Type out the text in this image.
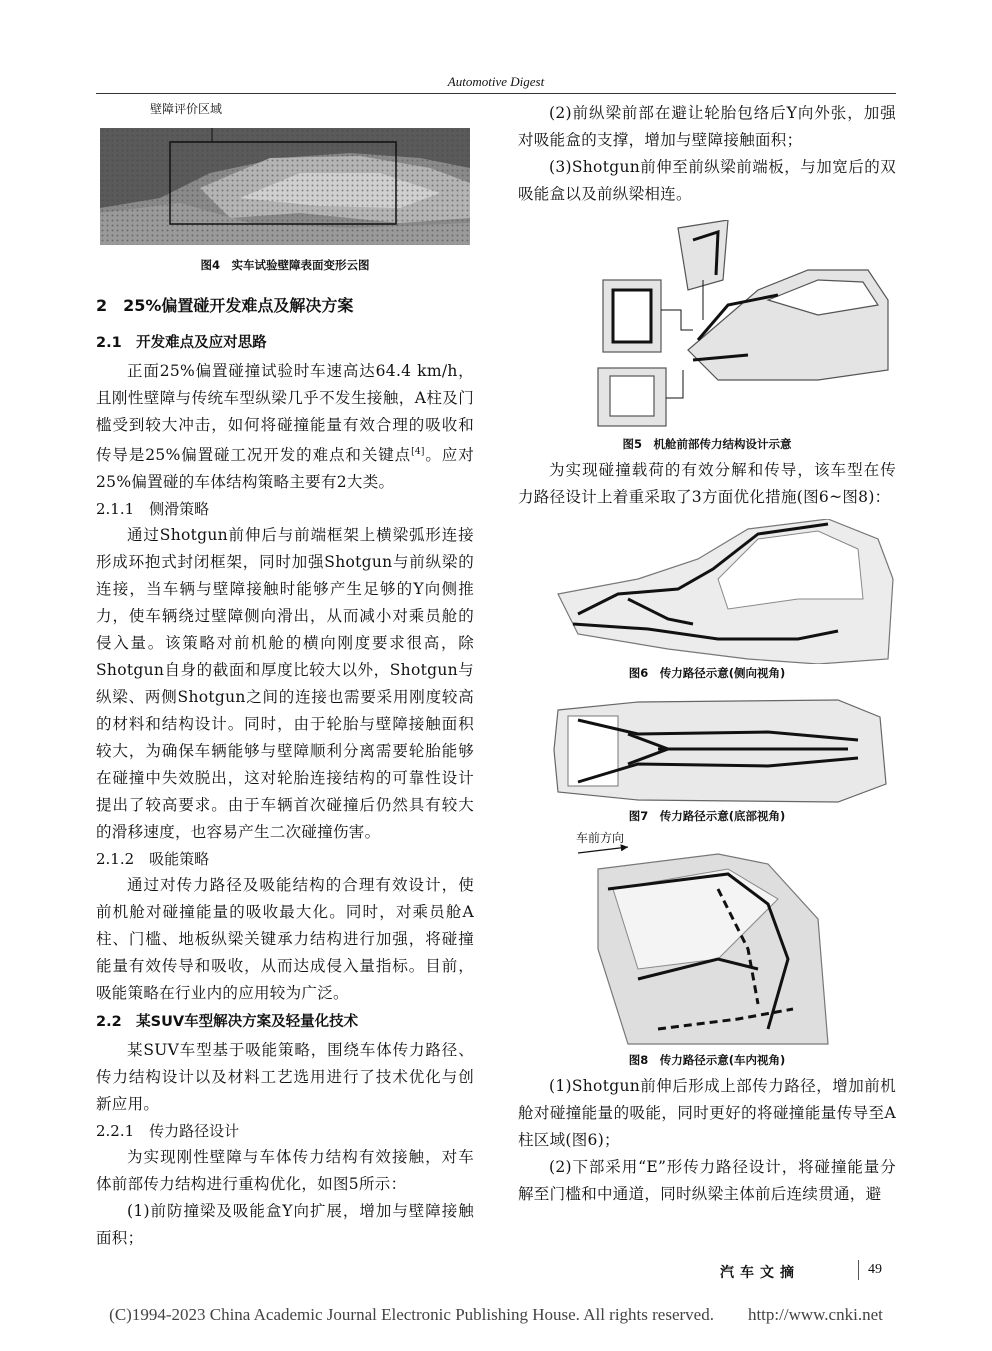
Automotive Digest
壁障评价区域
图4　实车试验壁障表面变形云图
2　25%偏置碰开发难点及解决方案
2.1　开发难点及应对思路

正面25%偏置碰撞试验时车速高达64.4 km/h，且刚性壁障与传统车型纵梁几乎不发生接触，A柱及门槛受到较大冲击，如何将碰撞能量有效合理的吸收和传导是25%偏置碰工况开发的难点和关键点[4]。应对25%偏置碰的车体结构策略主要有2大类。

2.1.1　侧滑策略

通过Shotgun前伸后与前端框架上横梁弧形连接形成环抱式封闭框架，同时加强Shotgun与前纵梁的连接，当车辆与壁障接触时能够产生足够的Y向侧推力，使车辆绕过壁障侧向滑出，从而减小对乘员舱的侵入量。该策略对前机舱的横向刚度要求很高，除Shotgun自身的截面和厚度比较大以外，Shotgun与纵梁、两侧Shotgun之间的连接也需要采用刚度较高的材料和结构设计。同时，由于轮胎与壁障接触面积较大，为确保车辆能够与壁障顺利分离需要轮胎能够在碰撞中失效脱出，这对轮胎连接结构的可靠性设计提出了较高要求。由于车辆首次碰撞后仍然具有较大的滑移速度，也容易产生二次碰撞伤害。

2.1.2　吸能策略

通过对传力路径及吸能结构的合理有效设计，使前机舱对碰撞能量的吸收最大化。同时，对乘员舱A柱、门槛、地板纵梁关键承力结构进行加强，将碰撞能量有效传导和吸收，从而达成侵入量指标。目前，吸能策略在行业内的应用较为广泛。

2.2　某SUV车型解决方案及轻量化技术

某SUV车型基于吸能策略，围绕车体传力路径、传力结构设计以及材料工艺选用进行了技术优化与创新应用。

2.2.1　传力路径设计

为实现刚性壁障与车体传力结构有效接触，对车体前部传力结构进行重构优化，如图5所示：

(1)前防撞梁及吸能盒Y向扩展，增加与壁障接触面积；

(2)前纵梁前部在避让轮胎包络后Y向外张，加强对吸能盒的支撑，增加与壁障接触面积；

(3)Shotgun前伸至前纵梁前端板，与加宽后的双吸能盒以及前纵梁相连。

图5　机舱前部传力结构设计示意

为实现碰撞载荷的有效分解和传导，该车型在传力路径设计上着重采取了3方面优化措施(图6~图8)：

图6　传力路径示意(侧向视角)
图7　传力路径示意(底部视角)
车前方向
图8　传力路径示意(车内视角)

(1)Shotgun前伸后形成上部传力路径，增加前机舱对碰撞能量的吸能，同时更好的将碰撞能量传导至A柱区域(图6)；

(2)下部采用“E”形传力路径设计，将碰撞能量分解至门槛和中通道，同时纵梁主体前后连续贯通，避

汽车文摘	49
(C)1994-2023 China Academic Journal Electronic Publishing House. All rights reserved.　　http://www.cnki.net
